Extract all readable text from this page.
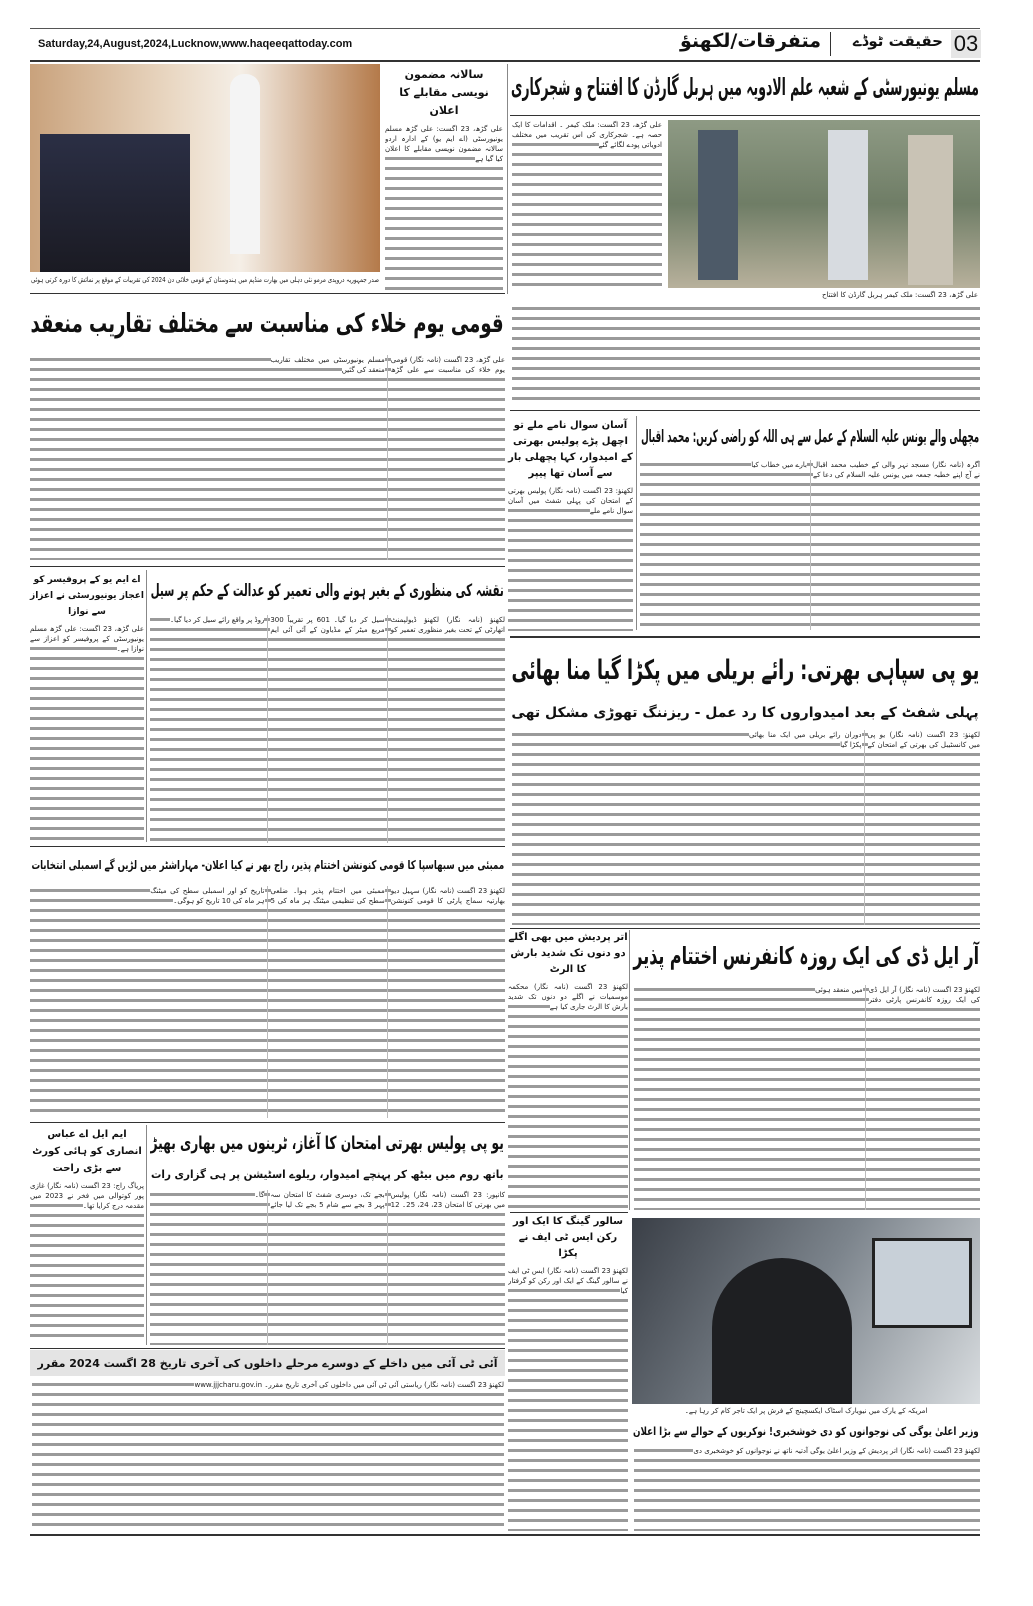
Saturday,24,August,2024,Lucknow,www.haqeeqattoday.com	03
حقیقت ٹوڈے
متفرقات/لکھنؤ
صدر جمہوریہ دروپدی مرمو نئی دہلی میں بھارت منڈپم میں ہندوستان کے قومی خلائی دن 2024 کی تقریبات کے موقع پر نمائش کا دورہ کرتی ہوئی
سالانہ مضمون نویسی مقابلے کا اعلان
علی گڑھ، 23 اگست: علی گڑھ مسلم یونیورسٹی (اے ایم یو) کے ادارہ اردو سالانہ مضمون نویسی مقابلے کا اعلان کیا گیا ہے
مسلم یونیورسٹی کے شعبہ علم الادویہ میں ہربل گارڈن کا افتتاح و شجرکاری
علی گڑھ، 23 اگست: ملک کیمر ۔ اقدامات کا ایک حصہ ہے۔ شجرکاری کی اس تقریب میں مختلف ادویاتی پودے لگائے گئے
علی گڑھ، 23 اگست: ملک کیمر ہربل گارڈن کا افتتاح
قومی یوم خلاء کی مناسبت سے مختلف تقاریب منعقد
علی گڑھ، 23 اگست (نامہ نگار) قومی یوم خلاء کی مناسبت سے علی گڑھ مسلم یونیورسٹی میں مختلف تقاریب منعقد کی گئیں
مچھلی والے یونس علیہ السلام کے عمل سے ہی اللہ کو راضی کریں: محمد اقبال
آگرہ (نامہ نگار) مسجد نہر والی کے خطیب محمد اقبال نے آج اپنے خطبہ جمعہ میں یونس علیہ السلام کی دعا کے بارے میں خطاب کیا
آسان سوال نامے ملے تو اچھل پڑے پولیس بھرتی کے امیدوار، کہا پچھلی بار سے آسان تھا پیپر
لکھنؤ: 23 اگست (نامہ نگار) پولیس بھرتی کے امتحان کی پہلی شفٹ میں آسان سوال نامے ملے
نقشہ کی منظوری کے بغیر ہونے والی تعمیر کو عدالت کے حکم پر سیل
لکھنؤ (نامہ نگار) لکھنؤ ڈیولپمنٹ اتھارٹی کے تحت بغیر منظوری تعمیر کو سیل کر دیا گیا۔ 601 پر تقریباً 300 مربع میٹر کے مڈیاون کے آئی آئی ایم روڈ پر واقع رائے سیل کر دیا گیا۔
اے ایم یو کے پروفیسر کو اعجاز یونیورسٹی نے اعزاز سے نوازا
علی گڑھ، 23 اگست: علی گڑھ مسلم یونیورسٹی کے پروفیسر کو اعزاز سے نوازا ہے۔
یو پی سپاہی بھرتی: رائے بریلی میں پکڑا گیا منا بھائی
پہلی شفٹ کے بعد امیدواروں کا رد عمل - ریزننگ تھوڑی مشکل تھی
لکھنؤ: 23 اگست (نامہ نگار) یو پی میں کانسٹیبل کی بھرتی کے امتحان کے دوران رائے بریلی میں ایک منا بھائی پکڑا گیا
ممبئی میں سبھاسپا کا قومی کنونشن اختتام پذیر، راج بھر نے کیا اعلان- مہاراشٹر میں لڑیں گے اسمبلی انتخابات
لکھنؤ 23 اگست (نامہ نگار) سہیل دیو بھارتیہ سماج پارٹی کا قومی کنونشن ممبئی میں اختتام پذیر ہوا۔ ضلعی سطح کی تنظیمی میٹنگ ہر ماہ کی 5 تاریخ کو اور اسمبلی سطح کی میٹنگ ہر ماہ کی 10 تاریخ کو ہوگی۔
اتر پردیش میں بھی اگلے دو دنوں تک شدید بارش کا الرٹ
لکھنؤ 23 اگست (نامہ نگار) محکمہ موسمیات نے اگلے دو دنوں تک شدید بارش کا الرٹ جاری کیا ہے
آر ایل ڈی کی ایک روزہ کانفرنس اختتام پذیر
لکھنؤ 23 اگست (نامہ نگار) آر ایل ڈی کی ایک روزہ کانفرنس پارٹی دفتر میں منعقد ہوئی
یو پی پولیس بھرتی امتحان کا آغاز، ٹرینوں میں بھاری بھیڑ
باتھ روم میں بیٹھ کر پہنچے امیدوار، ریلوے اسٹیشن پر ہی گزاری رات
کانپور: 23 اگست (نامہ نگار) پولیس میں بھرتی کا امتحان 23، 24، 25۔ 12 بجے تک، دوسری شفٹ کا امتحان سہ پہر 3 بجے سے شام 5 بجے تک لیا جائے گا۔
ایم ایل اے عباس انصاری کو ہائی کورٹ سے بڑی راحت
پریاگ راج: 23 اگست (نامہ نگار) غازی پور کوتوالی میں فخر نے 2023 میں مقدمہ درج کرایا تھا۔
آئی ٹی آئی میں داخلے کے دوسرے مرحلے داخلوں کی آخری تاریخ 28 اگست 2024 مقرر
لکھنؤ 23 اگست (نامہ نگار) ریاستی آئی ٹی آئی میں داخلوں کی آخری تاریخ مقرر۔ www.jjjcharu.gov.in
سالور گینگ کا ایک اور رکن ایس ٹی ایف نے پکڑا
لکھنؤ 23 اگست (نامہ نگار) ایس ٹی ایف نے سالور گینگ کے ایک اور رکن کو گرفتار کیا
امریکہ کے یارک میں نیویارک اسٹاک ایکسچینج کے فرش پر ایک تاجر کام کر رہا ہے۔
وزیر اعلیٰ یوگی کی نوجوانوں کو دی خوشخبری! نوکریوں کے حوالے سے بڑا اعلان
لکھنؤ 23 اگست (نامہ نگار) اتر پردیش کے وزیر اعلیٰ یوگی آدتیہ ناتھ نے نوجوانوں کو خوشخبری دی
